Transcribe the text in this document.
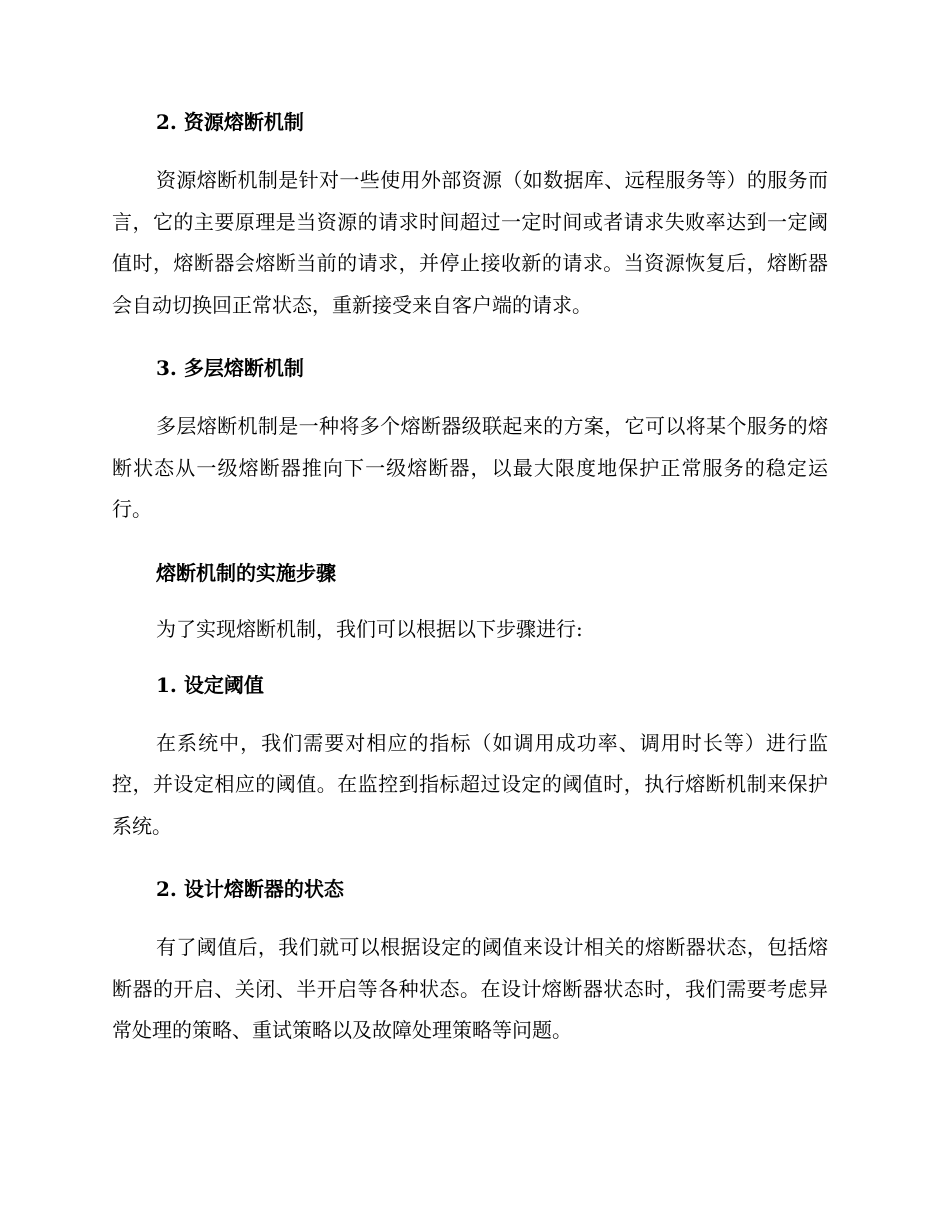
2. 资源熔断机制

资源熔断机制是针对一些使用外部资源（如数据库、远程服务等）的服务而言，它的主要原理是当资源的请求时间超过一定时间或者请求失败率达到一定阈值时，熔断器会熔断当前的请求，并停止接收新的请求。当资源恢复后，熔断器会自动切换回正常状态，重新接受来自客户端的请求。

3. 多层熔断机制

多层熔断机制是一种将多个熔断器级联起来的方案，它可以将某个服务的熔断状态从一级熔断器推向下一级熔断器，以最大限度地保护正常服务的稳定运行。

熔断机制的实施步骤
为了实现熔断机制，我们可以根据以下步骤进行:
1. 设定阈值

在系统中，我们需要对相应的指标（如调用成功率、调用时长等）进行监控，并设定相应的阈值。在监控到指标超过设定的阈值时，执行熔断机制来保护系统。

2. 设计熔断器的状态

有了阈值后，我们就可以根据设定的阈值来设计相关的熔断器状态，包括熔断器的开启、关闭、半开启等各种状态。在设计熔断器状态时，我们需要考虑异常处理的策略、重试策略以及故障处理策略等问题。
